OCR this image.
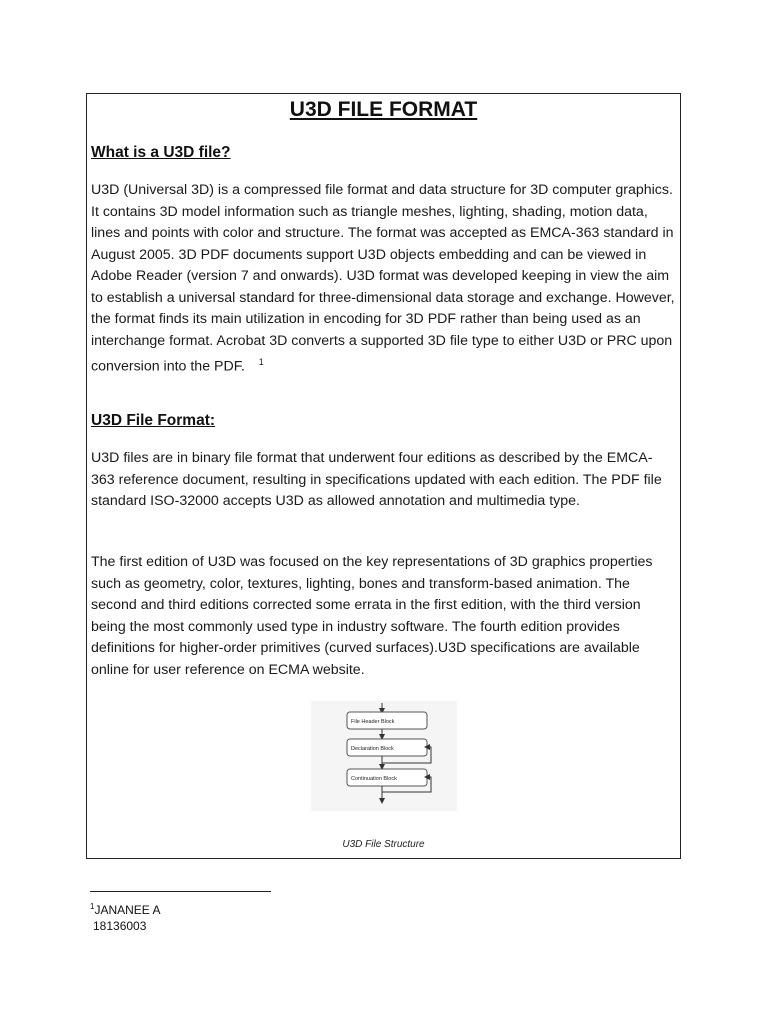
U3D FILE FORMAT
What is a U3D file?

U3D (Universal 3D) is a compressed file format and data structure for 3D computer graphics. It contains 3D model information such as triangle meshes, lighting, shading, motion data, lines and points with color and structure. The format was accepted as EMCA-363 standard in August 2005. 3D PDF documents support U3D objects embedding and can be viewed in Adobe Reader (version 7 and onwards). U3D format was developed keeping in view the aim to establish a universal standard for three-dimensional data storage and exchange. However, the format finds its main utilization in encoding for 3D PDF rather than being used as an interchange format. Acrobat 3D converts a supported 3D file type to either U3D or PRC upon conversion into the PDF. $^1$

U3D File Format:

U3D files are in binary file format that underwent four editions as described by the EMCA-363 reference document, resulting in specifications updated with each edition. The PDF file standard ISO-32000 accepts U3D as allowed annotation and multimedia type.

The first edition of U3D was focused on the key representations of 3D graphics properties such as geometry, color, textures, lighting, bones and transform-based animation. The second and third editions corrected some errata in the first edition, with the third version being the most commonly used type in industry software. The fourth edition provides definitions for higher-order primitives (curved surfaces).U3D specifications are available online for user reference on ECMA website.

File Header Block
Declaration Block
Continuation Block

U3D File Structure

$^1$JANANEE A
18136003
